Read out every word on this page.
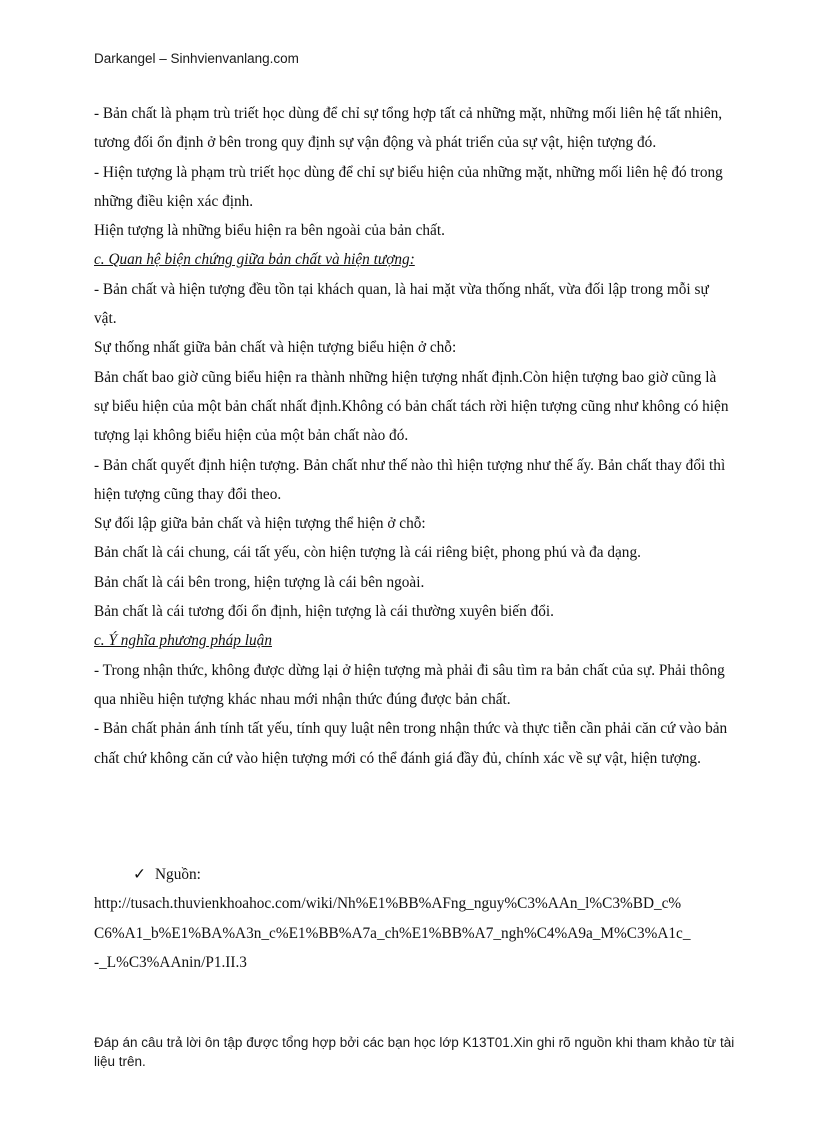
Darkangel – Sinhvienvanlang.com

- Bản chất là phạm trù triết học dùng để chỉ sự tổng hợp tất cả những mặt, những mối liên hệ tất nhiên, tương đối ổn định ở bên trong quy định sự vận động và phát triển của sự vật, hiện tượng đó.

- Hiện tượng là phạm trù triết học dùng để chỉ sự biểu hiện của những mặt, những mối liên hệ đó trong những điều kiện xác định.

Hiện tượng là những biểu hiện ra bên ngoài của bản chất.

c. Quan hệ biện chứng giữa bản chất và hiện tượng:

- Bản chất và hiện tượng đều tồn tại khách quan, là hai mặt vừa thống nhất, vừa đối lập trong mỗi sự vật.

Sự thống nhất giữa bản chất và hiện tượng biểu hiện ở chỗ:

Bản chất bao giờ cũng biểu hiện ra thành những hiện tượng nhất định.Còn hiện tượng bao giờ cũng là sự biểu hiện của một bản chất nhất định.Không có bản chất tách rời hiện tượng cũng như không có hiện tượng lại không biểu hiện của một bản chất nào đó.

- Bản chất quyết định hiện tượng. Bản chất như thế nào thì hiện tượng như thế ấy. Bản chất thay đổi thì hiện tượng cũng thay đổi theo.

Sự đối lập giữa bản chất và hiện tượng thể hiện ở chỗ:

Bản chất là cái chung, cái tất yếu, còn hiện tượng là cái riêng biệt, phong phú và đa dạng.

Bản chất là cái bên trong, hiện tượng là cái bên ngoài.

Bản chất là cái tương đối ổn định, hiện tượng là cái thường xuyên biến đổi.

c. Ý nghĩa phương pháp luận

- Trong nhận thức, không được dừng lại ở hiện tượng mà phải đi sâu tìm ra bản chất của sự. Phải thông qua nhiều hiện tượng khác nhau mới nhận thức đúng được bản chất.

- Bản chất phản ánh tính tất yếu, tính quy luật nên trong nhận thức và thực tiễn cần phải căn cứ vào bản chất chứ không căn cứ vào hiện tượng mới có thể đánh giá đầy đủ, chính xác về sự vật, hiện tượng.

✓ Nguồn:

http://tusach.thuvienkhoahoc.com/wiki/Nh%E1%BB%AFng_nguy%C3%AAn_l%C3%BD_c%

C6%A1_b%E1%BA%A3n_c%E1%BB%A7a_ch%E1%BB%A7_ngh%C4%A9a_M%C3%A1c_

-_L%C3%AAnin/P1.II.3

Đáp án câu trả lời ôn tập được tổng hợp bởi các bạn học lớp K13T01.Xin ghi rõ nguồn khi tham khảo từ tài liệu trên.
